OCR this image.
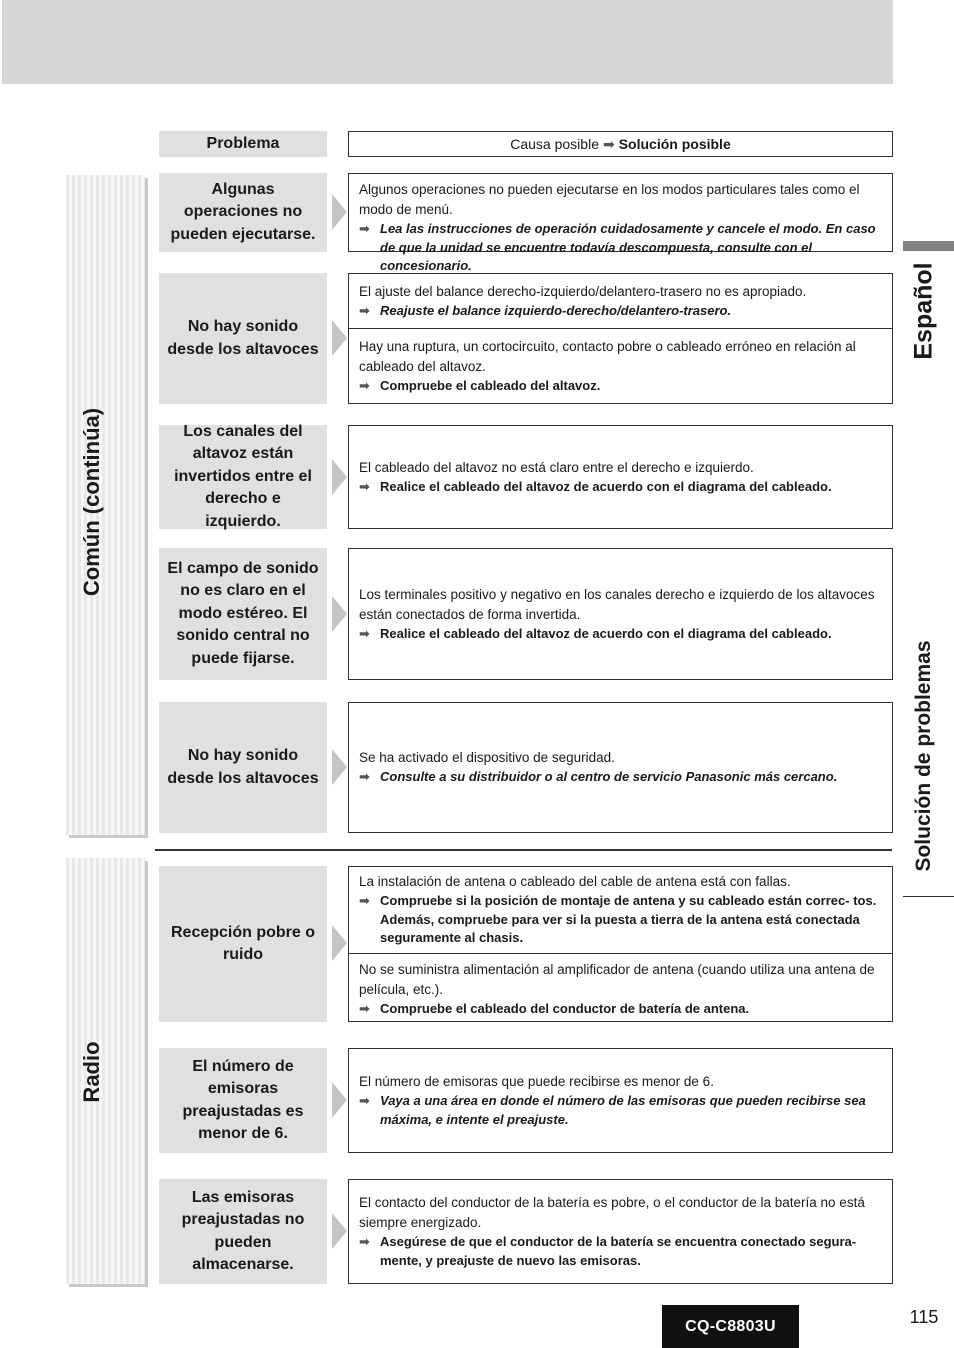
Problema	Causa posible ➡ Solución posible
Común (continúa)
Radio
Algunas operaciones no pueden ejecutarse.
Algunos operaciones no pueden ejecutarse en los modos particulares tales como el modo de menú.
➡ Lea las instrucciones de operación cuidadosamente y cancele el modo. En caso de que la unidad se encuentre todavía descompuesta, consulte con el concesionario.
No hay sonido desde los altavoces
El ajuste del balance derecho-izquierdo/delantero-trasero no es apropiado.
➡ Reajuste el balance izquierdo-derecho/delantero-trasero.
Hay una ruptura, un cortocircuito, contacto pobre o cableado erróneo en relación al cableado del altavoz.
➡ Compruebe el cableado del altavoz.
Los canales del altavoz están invertidos entre el derecho e izquierdo.
El cableado del altavoz no está claro entre el derecho e izquierdo.
➡ Realice el cableado del altavoz de acuerdo con el diagrama del cableado.
El campo de sonido no es claro en el modo estéreo. El sonido central no puede fijarse.
Los terminales positivo y negativo en los canales derecho e izquierdo de los altavoces están conectados de forma invertida.
➡ Realice el cableado del altavoz de acuerdo con el diagrama del cableado.
No hay sonido desde los altavoces
Se ha activado el dispositivo de seguridad.
➡ Consulte a su distribuidor o al centro de servicio Panasonic más cercano.
Recepción pobre o ruido
La instalación de antena o cableado del cable de antena está con fallas.
➡ Compruebe si la posición de montaje de antena y su cableado están correc- tos. Además, compruebe para ver si la puesta a tierra de la antena está conectada seguramente al chasis.
No se suministra alimentación al amplificador de antena (cuando utiliza una antena de película, etc.).
➡ Compruebe el cableado del conductor de batería de antena.
El número de emisoras preajustadas es menor de 6.
El número de emisoras que puede recibirse es menor de 6.
➡ Vaya a una área en donde el número de las emisoras que pueden recibirse sea máxima, e intente el preajuste.
Las emisoras preajustadas no pueden almacenarse.
El contacto del conductor de la batería es pobre, o el conductor de la batería no está siempre energizado.
➡ Asegúrese de que el conductor de la batería se encuentra conectado segura- mente, y preajuste de nuevo las emisoras.
Español
Solución de problemas
CQ-C8803U	115
